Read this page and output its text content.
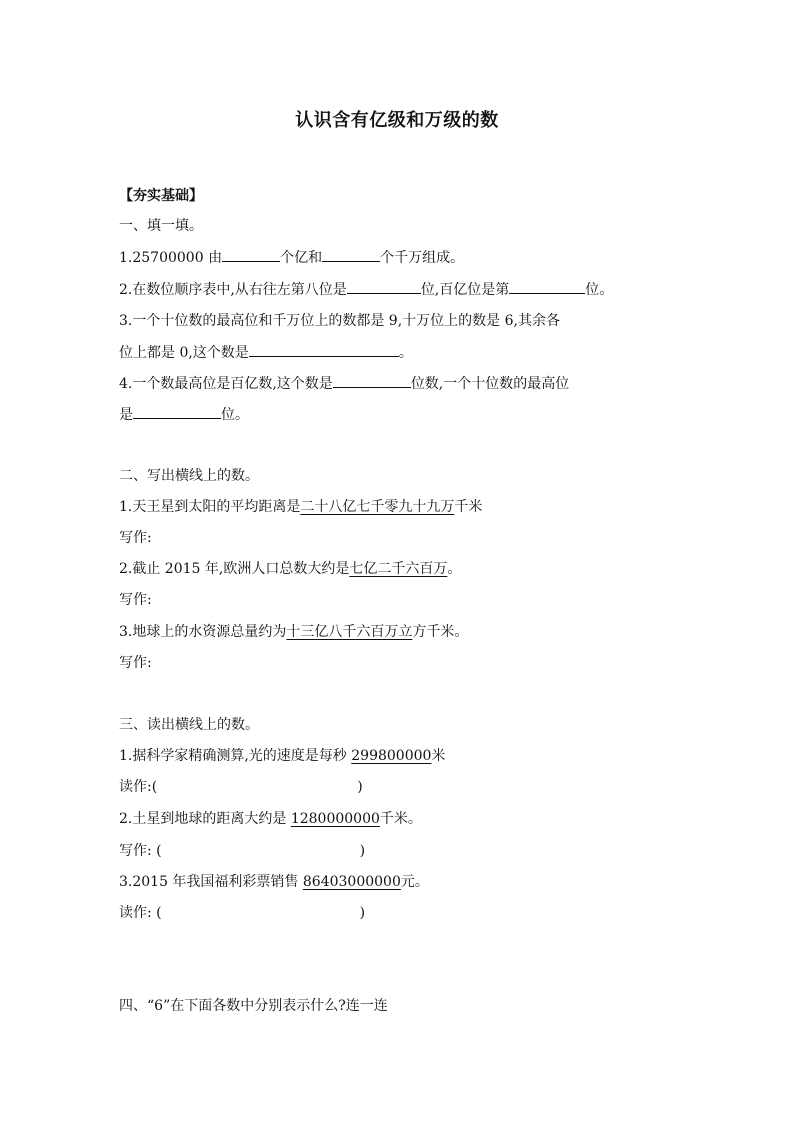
认识含有亿级和万级的数
【夯实基础】
一、填一填。
1.25700000 由	个亿和	个千万组成。
2.在数位顺序表中,从右往左第八位是	位,百亿位是第	位。
3.一个十位数的最高位和千万位上的数都是 9,十万位上的数是 6,其余各
位上都是 0,这个数是	。
4.一个数最高位是百亿数,这个数是	位数,一个十位数的最高位
是	位。
二、写出横线上的数。
1.天王星到太阳的平均距离是二十八亿七千零九十九万千米
写作:
2.截止 2015 年,欧洲人口总数大约是七亿二千六百万。
写作:
3.地球上的水资源总量约为十三亿八千六百万立方千米。
写作:
三、读出横线上的数。
1.据科学家精确测算,光的速度是每秒 299800000米
读作:(	)
2.土星到地球的距离大约是 1280000000千米。
写作: (	)
3.2015 年我国福利彩票销售 86403000000元。
读作: (	)
四、“6”在下面各数中分别表示什么?连一连
